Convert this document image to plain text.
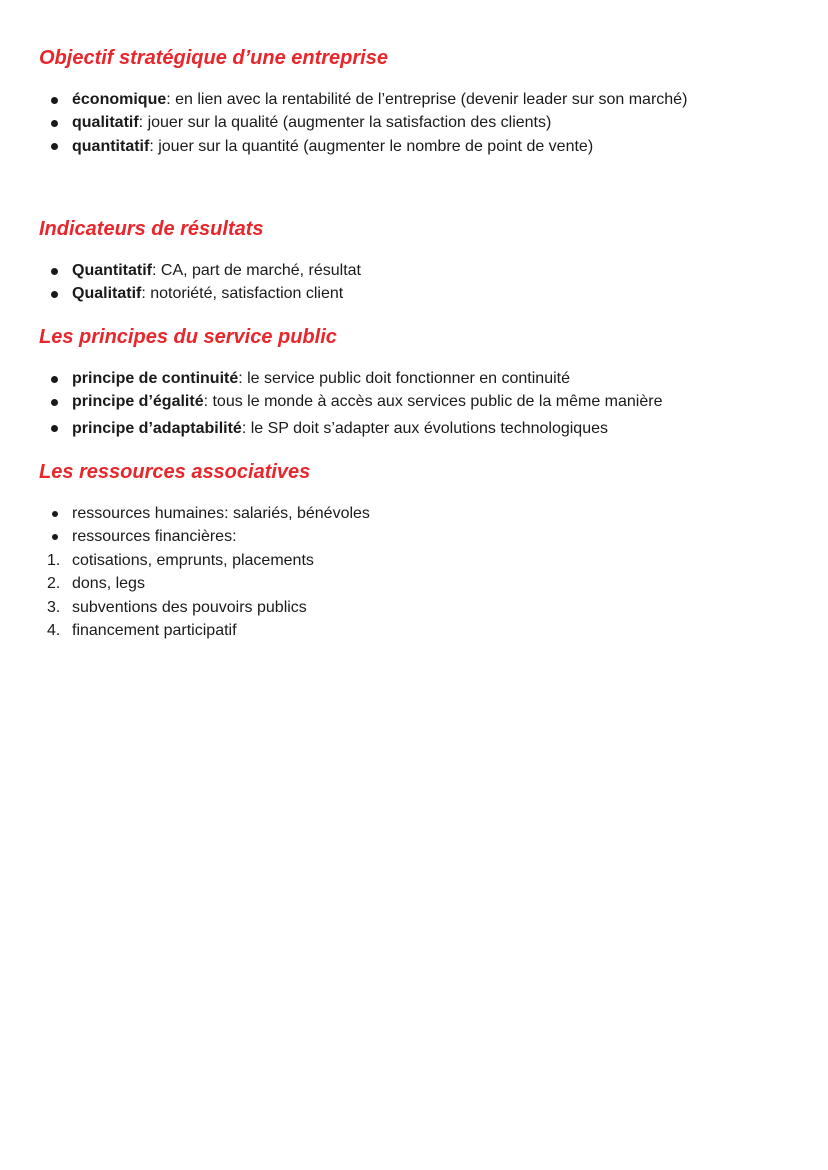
Objectif stratégique d’une entreprise
économique: en lien avec la rentabilité de l’entreprise (devenir leader sur son marché)
qualitatif: jouer sur la qualité (augmenter la satisfaction des clients)
quantitatif: jouer sur la quantité (augmenter le nombre de point de vente)
Indicateurs de résultats
Quantitatif: CA, part de marché, résultat
Qualitatif: notoriété, satisfaction client
Les principes du service public
principe de continuité: le service public doit fonctionner en continuité
principe d’égalité: tous le monde à accès aux services public de la même manière
principe d’adaptabilité: le SP doit s’adapter aux évolutions technologiques
Les ressources associatives
ressources humaines: salariés, bénévoles
ressources financières:
1. cotisations, emprunts, placements
2. dons, legs
3. subventions des pouvoirs publics
4. financement participatif
